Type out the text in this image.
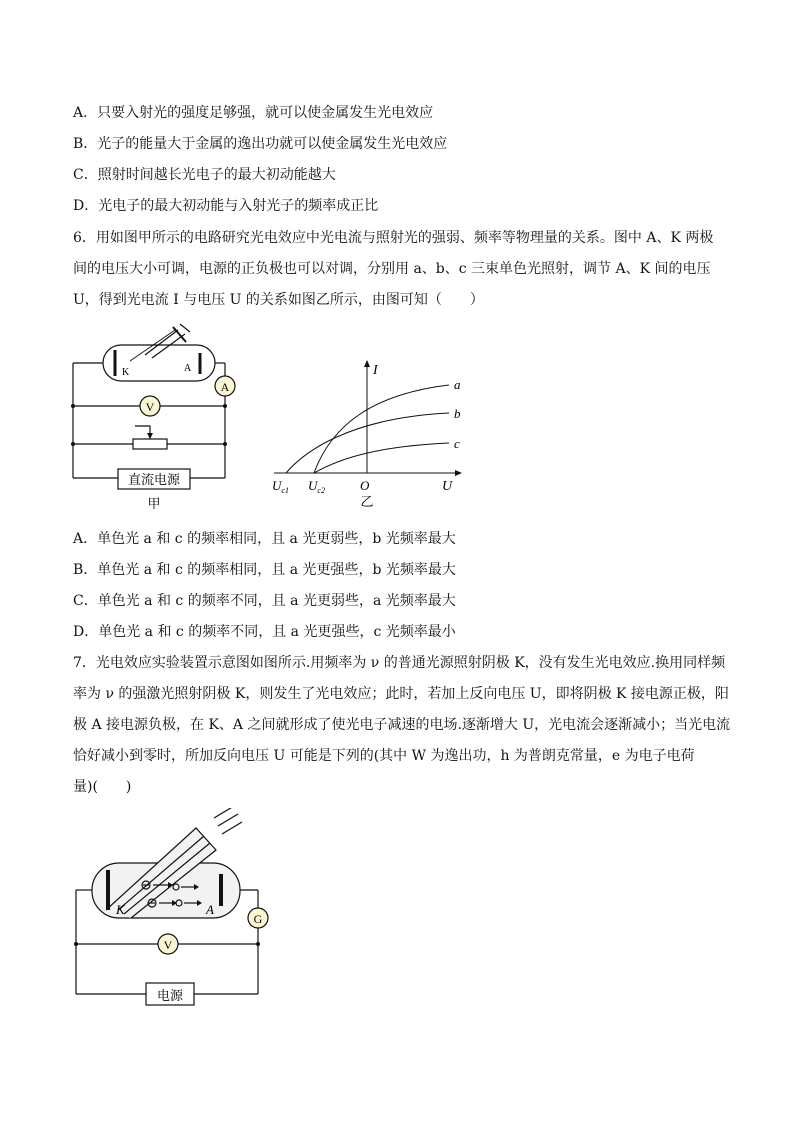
A．只要入射光的强度足够强，就可以使金属发生光电效应
B．光子的能量大于金属的逸出功就可以使金属发生光电效应
C．照射时间越长光电子的最大初动能越大
D．光电子的最大初动能与入射光子的频率成正比
6．用如图甲所示的电路研究光电效应中光电流与照射光的强弱、频率等物理量的关系。图中 A、K 两极
间的电压大小可调，电源的正负极也可以对调，分别用 a、b、c 三束单色光照射，调节 A、K 间的电压
U，得到光电流 I 与电压 U 的关系如图乙所示，由图可知（　　）
A
V
K	A
直流电源
甲
I
U
O
$U_{c1}$ $U_{c2}$
a
b
c
乙
A．单色光 a 和 c 的频率相同，且 a 光更弱些，b 光频率最大
B．单色光 a 和 c 的频率相同，且 a 光更强些，b 光频率最大
C．单色光 a 和 c 的频率不同，且 a 光更弱些，a 光频率最大
D．单色光 a 和 c 的频率不同，且 a 光更强些，c 光频率最小
7．光电效应实验装置示意图如图所示.用频率为 ν 的普通光源照射阴极 K，没有发生光电效应.换用同样频
率为 ν 的强激光照射阴极 K，则发生了光电效应；此时，若加上反向电压 U，即将阴极 K 接电源正极，阳
极 A 接电源负极，在 K、A 之间就形成了使光电子减速的电场.逐渐增大 U，光电流会逐渐减小；当光电流
恰好减小到零时，所加反向电压 U 可能是下列的(其中 W 为逸出功，h 为普朗克常量，e 为电子电荷
量)(　　)
G
V
K	A
电源
